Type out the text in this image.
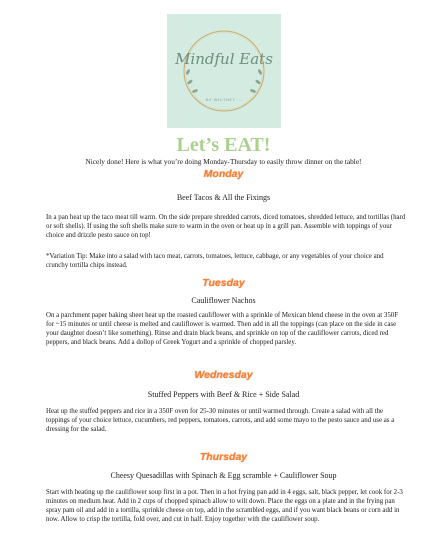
Mindful Eats
BY WHITNEY ...
Let’s EAT!
Nicely done! Here is what you’re doing Monday-Thursday to easily throw dinner on the table!
Monday
Beef Tacos & All the Fixings
In a pan heat up the taco meat till warm. On the side prepare shredded carrots, diced tomatoes, shredded lettuce, and tortillas (hard or soft shells). If using the soft shells make sure to warm in the oven or heat up in a grill pan. Assemble with toppings of your choice and drizzle pesto sauce on top!
*Variation Tip: Make into a salad with taco meat, carrots, tomatoes, lettuce, cabbage, or any vegetables of your choice and crunchy tortilla chips instead.
Tuesday
Cauliflower Nachos
On a parchment paper baking sheet heat up the roasted cauliflower with a sprinkle of Mexican blend cheese in the oven at 350F for ~15 minutes or until cheese is melted and cauliflower is warmed. Then add in all the toppings (can place on the side in case your daughter doesn’t like something). Rinse and drain black beans, and sprinkle on top of the cauliflower carrots, diced red peppers, and black beans. Add a dollop of Greek Yogurt and a sprinkle of chopped parsley.
Wednesday
Stuffed Peppers with Beef & Rice + Side Salad
Heat up the stuffed peppers and rice in a 350F oven for 25-30 minutes or until warmed through. Create a salad with all the toppings of your choice lettuce, cucumbers, red peppers, tomatoes, carrots, and add some mayo to the pesto sauce and use as a dressing for the salad.
Thursday
Cheesy Quesadillas with Spinach & Egg scramble + Cauliflower Soup
Start with heating up the cauliflower soup first in a pot. Then in a hot frying pan add in 4 eggs, salt, black pepper, let cook for 2-3 minutes on medium heat. Add in 2 cups of chopped spinach allow to wilt down. Place the eggs on a plate and in the frying pan spray pam oil and add in a tortilla, sprinkle cheese on top, add in the scrambled eggs, and if you want black beans or corn add in now. Allow to crisp the tortilla, fold over, and cut in half. Enjoy together with the cauliflower soup.
